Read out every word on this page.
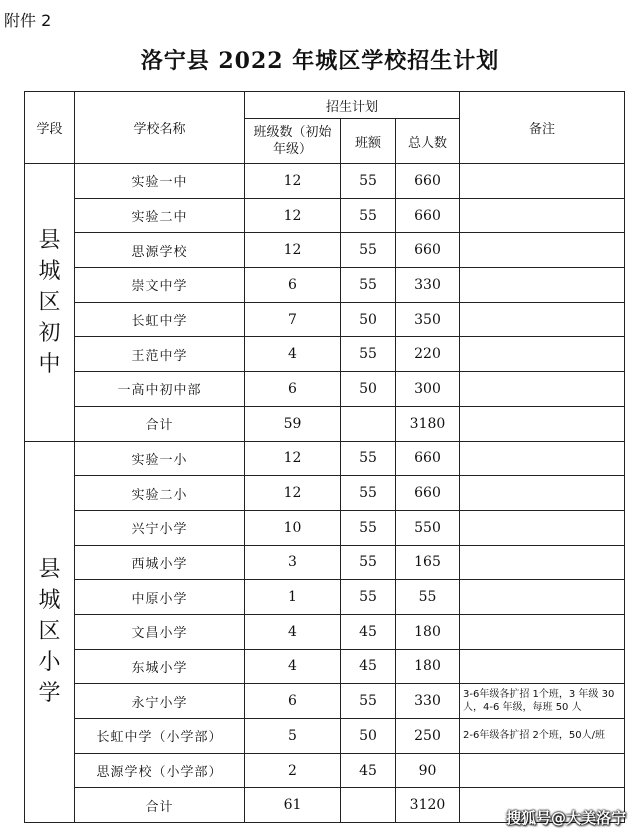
附件 2
洛宁县 2022 年城区学校招生计划
学段	学校名称	招生计划			备注
		班级数（初始年级）	班额	总人数	

县
城
区
初
中	实验一中	12	55	660	
	实验二中	12	55	660	
	思源学校	12	55	660	
	崇文中学	6	55	330	
	长虹中学	7	50	350	
	王范中学	4	55	220	
	一高中初中部	6	50	300	
	合计	59		3180	

县
城
区
小
学	实验一小	12	55	660	
	实验二小	12	55	660	
	兴宁小学	10	55	550	
	西城小学	3	55	165	
	中原小学	1	55	55	
	文昌小学	4	45	180	
	东城小学	4	45	180	
	永宁小学	6	55	330	3-6年级各扩招 1个班，3 年级 30 人，4-6 年级，每班 50 人
	长虹中学（小学部）	5	50	250	2-6年级各扩招 2个班，50人/班
	思源学校（小学部）	2	45	90	
	合计	61		3120	
搜狐号@大美洛宁
